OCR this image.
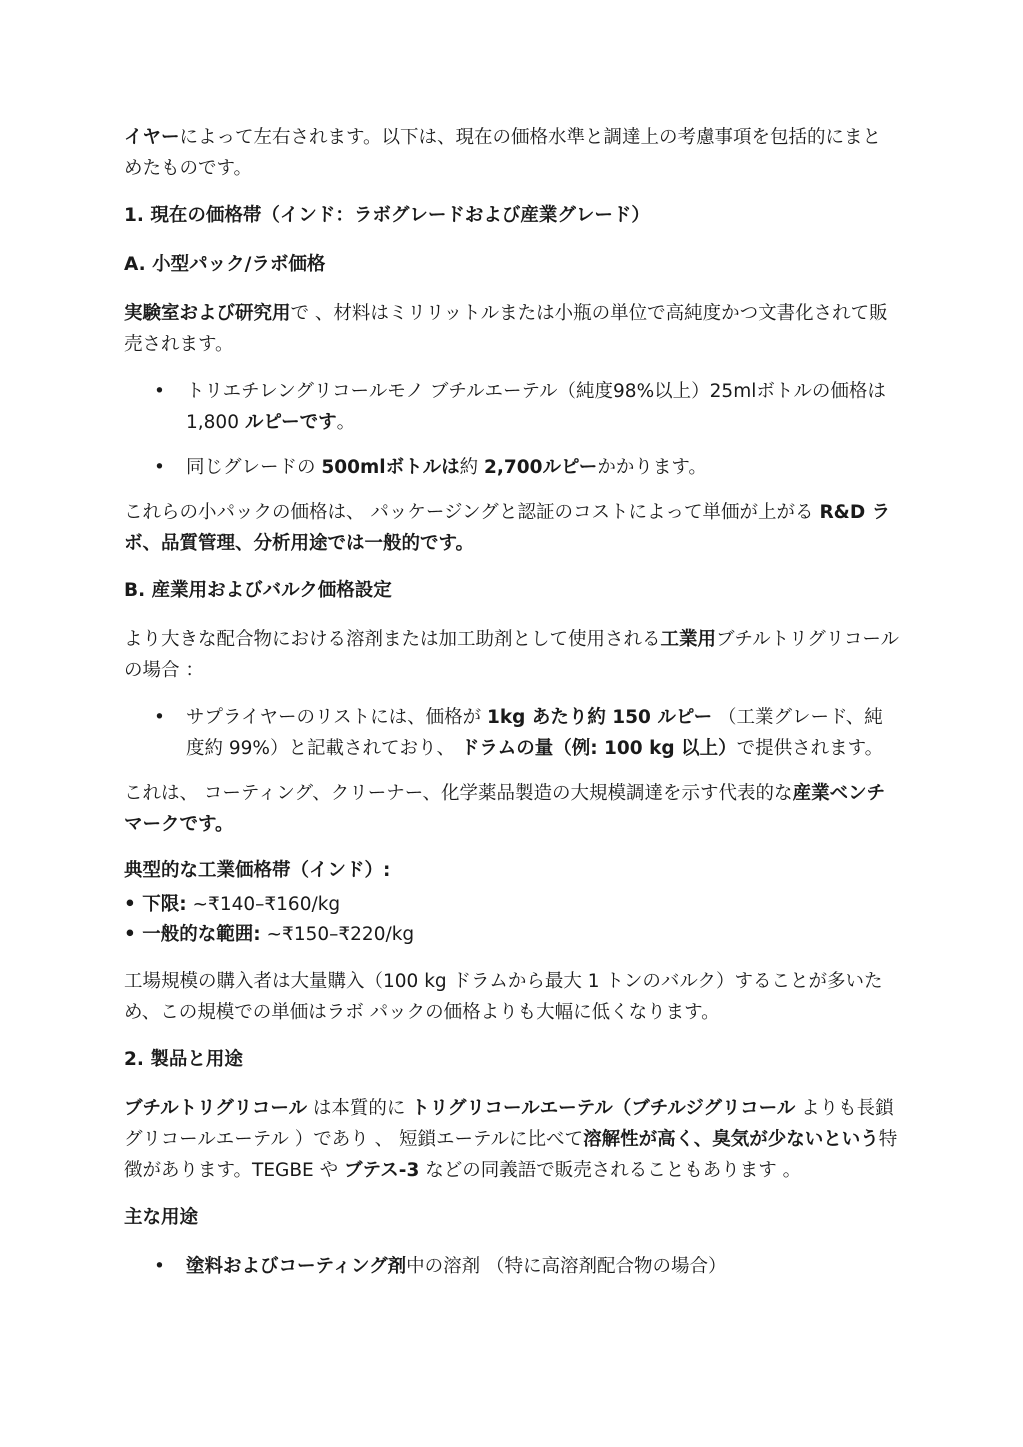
イヤーによって左右されます。以下は、現在の価格水準と調達上の考慮事項を包括的にまとめたものです。

1. 現在の価格帯（インド：ラボグレードおよび産業グレード）

A. 小型パック/ラボ価格

実験室および研究用で 、材料はミリリットルまたは小瓶の単位で高純度かつ文書化されて販売されます。

• トリエチレングリコールモノ ブチルエーテル（純度98%以上）25mlボトルの価格は 1,800 ルピーです。
• 同じグレードの 500mlボトルは約 2,700ルピーかかります。

これらの小パックの価格は、 パッケージングと認証のコストによって単価が上がる R&D ラボ、品質管理、分析用途では一般的です。

B. 産業用およびバルク価格設定

より大きな配合物における溶剤または加工助剤として使用される工業用ブチルトリグリコールの場合 ：

• サプライヤーのリストには、価格が 1kg あたり約 150 ルピー （工業グレード、純度約 99%）と記載されており、 ドラムの量（例: 100 kg 以上）で提供されます。

これは、 コーティング、クリーナー、化学薬品製造の大規模調達を示す代表的な産業ベンチマークです。

典型的な工業価格帯（インド）:

• 下限: ~₹140–₹160/kg

• 一般的な範囲: ~₹150–₹220/kg

工場規模の購入者は大量購入（100 kg ドラムから最大 1 トンのバルク）することが多いため、この規模での単価はラボ パックの価格よりも大幅に低くなります。

2. 製品と用途

ブチルトリグリコール は本質的に トリグリコールエーテル（ブチルジグリコール よりも長鎖グリコールエーテル ）であり 、 短鎖エーテルに比べて溶解性が高く、臭気が少ないという特徴があります。TEGBE や ブテス-3 などの同義語で販売されることもあります 。

主な用途

• 塗料およびコーティング剤中の溶剤 （特に高溶剤配合物の場合）
